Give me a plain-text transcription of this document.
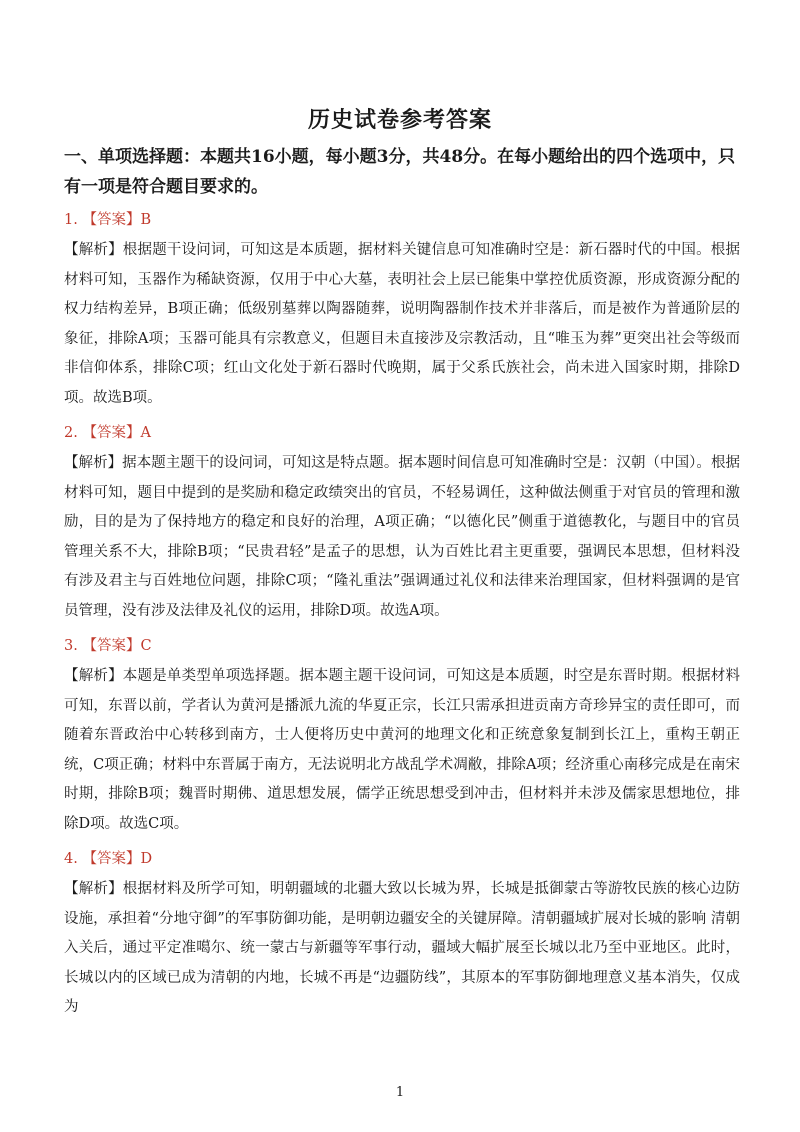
历史试卷参考答案
一、单项选择题：本题共16小题，每小题3分，共48分。在每小题给出的四个选项中，只有一项是符合题目要求的。
1. 【答案】B
【解析】根据题干设问词，可知这是本质题，据材料关键信息可知准确时空是：新石器时代的中国。根据材料可知，玉器作为稀缺资源，仅用于中心大墓，表明社会上层已能集中掌控优质资源，形成资源分配的权力结构差异，B项正确；低级别墓葬以陶器随葬，说明陶器制作技术并非落后，而是被作为普通阶层的象征，排除A项；玉器可能具有宗教意义，但题目未直接涉及宗教活动，且“唯玉为葬”更突出社会等级而非信仰体系，排除C项；红山文化处于新石器时代晚期，属于父系氏族社会，尚未进入国家时期，排除D项。故选B项。
2. 【答案】A
【解析】据本题主题干的设问词，可知这是特点题。据本题时间信息可知准确时空是：汉朝（中国）。根据材料可知，题目中提到的是奖励和稳定政绩突出的官员，不轻易调任，这种做法侧重于对官员的管理和激励，目的是为了保持地方的稳定和良好的治理，A项正确；“以德化民”侧重于道德教化，与题目中的官员管理关系不大，排除B项；“民贵君轻”是孟子的思想，认为百姓比君主更重要，强调民本思想，但材料没有涉及君主与百姓地位问题，排除C项；“隆礼重法”强调通过礼仪和法律来治理国家，但材料强调的是官员管理，没有涉及法律及礼仪的运用，排除D项。故选A项。
3. 【答案】C
【解析】本题是单类型单项选择题。据本题主题干设问词，可知这是本质题，时空是东晋时期。根据材料可知，东晋以前，学者认为黄河是播派九流的华夏正宗，长江只需承担进贡南方奇珍异宝的责任即可，而随着东晋政治中心转移到南方，士人便将历史中黄河的地理文化和正统意象复制到长江上，重构王朝正统，C项正确；材料中东晋属于南方，无法说明北方战乱学术凋敝，排除A项；经济重心南移完成是在南宋时期，排除B项；魏晋时期佛、道思想发展，儒学正统思想受到冲击，但材料并未涉及儒家思想地位，排除D项。故选C项。
4. 【答案】D
【解析】根据材料及所学可知，明朝疆域的北疆大致以长城为界，长城是抵御蒙古等游牧民族的核心边防设施，承担着“分地守御”的军事防御功能，是明朝边疆安全的关键屏障。清朝疆域扩展对长城的影响 清朝入关后，通过平定准噶尔、统一蒙古与新疆等军事行动，疆域大幅扩展至长城以北乃至中亚地区。此时，长城以内的区域已成为清朝的内地，长城不再是“边疆防线”，其原本的军事防御地理意义基本消失，仅成为
1
